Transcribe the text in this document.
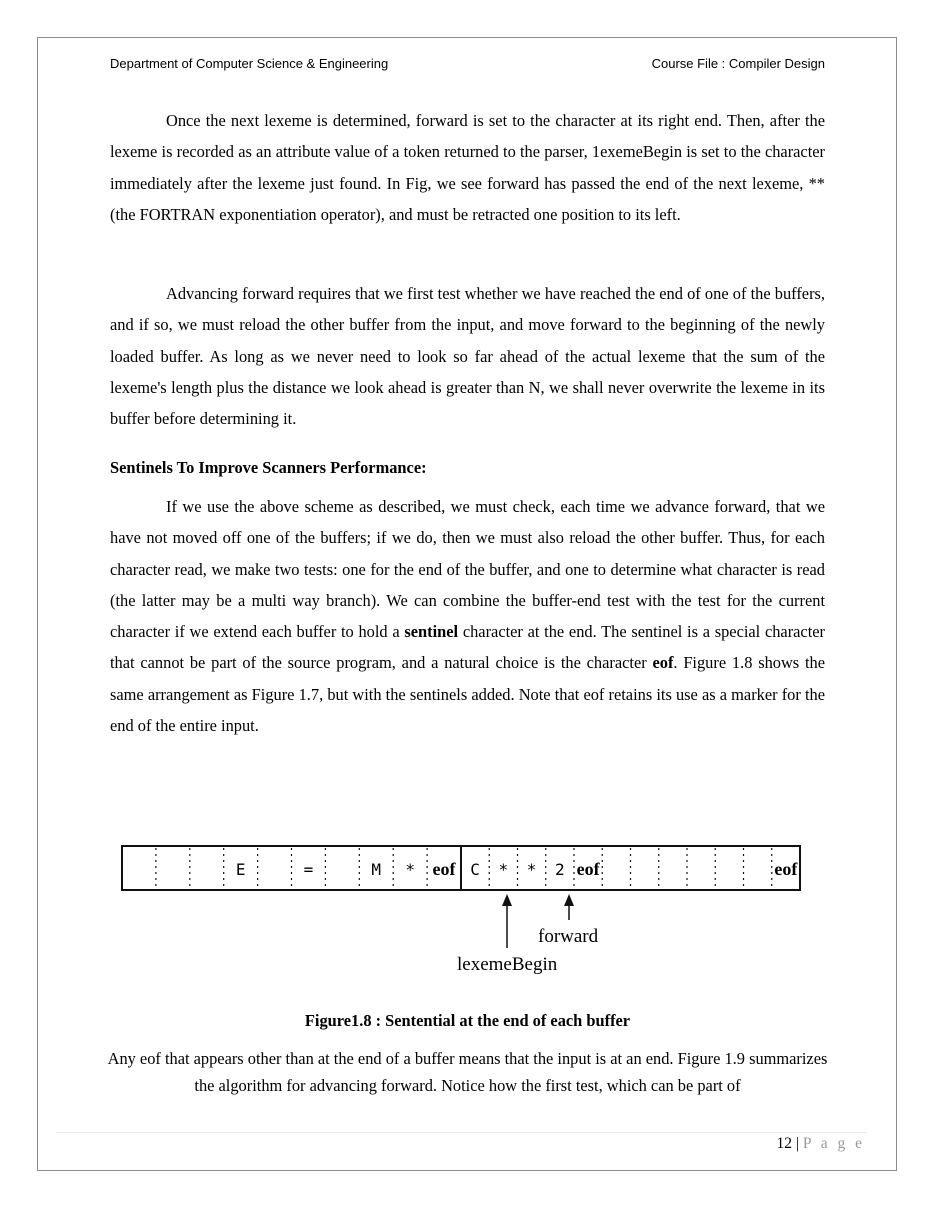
Department of Computer Science & Engineering	Course File : Compiler Design

Once the next lexeme is determined, forward is set to the character at its right end. Then, after the lexeme is recorded as an attribute value of a token returned to the parser, 1exemeBegin is set to the character immediately after the lexeme just found. In Fig, we see forward has passed the end of the next lexeme, ** (the FORTRAN exponentiation operator), and must be retracted one position to its left.

Advancing forward requires that we first test whether we have reached the end of one of the buffers, and if so, we must reload the other buffer from the input, and move forward to the beginning of the newly loaded buffer. As long as we never need to look so far ahead of the actual lexeme that the sum of the lexeme's length plus the distance we look ahead is greater than N, we shall never overwrite the lexeme in its buffer before determining it.

Sentinels To Improve Scanners Performance:

If we use the above scheme as described, we must check, each time we advance forward, that we have not moved off one of the buffers; if we do, then we must also reload the other buffer. Thus, for each character read, we make two tests: one for the end of the buffer, and one to determine what character is read (the latter may be a multi way branch). We can combine the buffer-end test with the test for the current character if we extend each buffer to hold a sentinel character at the end. The sentinel is a special character that cannot be part of the source program, and a natural choice is the character eof. Figure 1.8 shows the same arrangement as Figure 1.7, but with the sentinels added. Note that eof retains its use as a marker for the end of the entire input.

E	=	M * eof C * * 2 eof	eof
forward
lexemeBegin
Figure1.8 : Sentential at the end of each buffer

Any eof that appears other than at the end of a buffer means that the input is at an end. Figure 1.9 summarizes the algorithm for advancing forward. Notice how the first test, which can be part of

12 | P a g e
